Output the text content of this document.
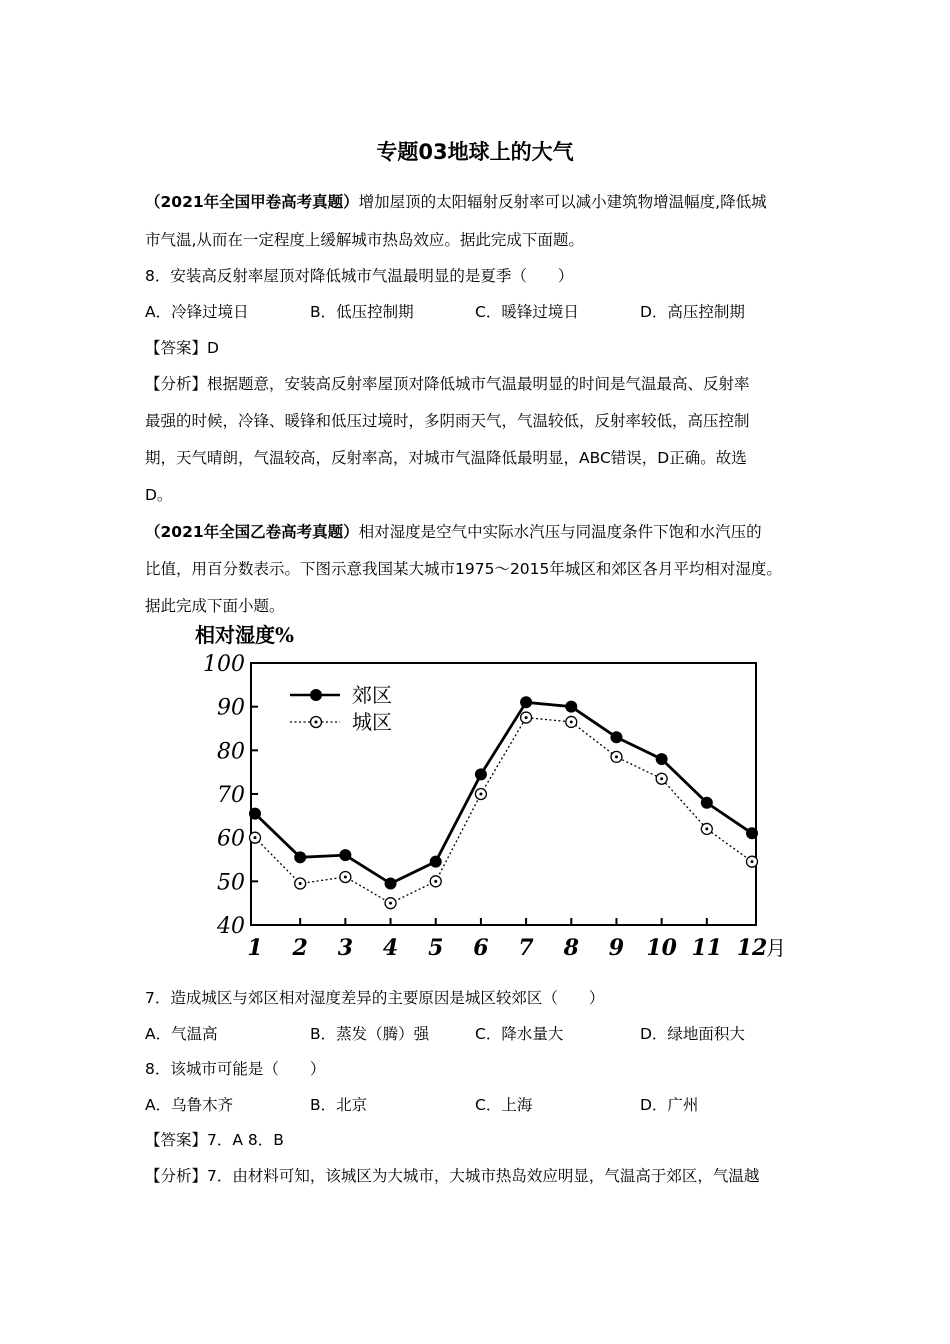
专题03地球上的大气
（2021年全国甲卷高考真题）增加屋顶的太阳辐射反射率可以减小建筑物增温幅度,降低城
市气温,从而在一定程度上缓解城市热岛效应。据此完成下面题。
8．安装高反射率屋顶对降低城市气温最明显的是夏季（　　）
A．冷锋过境日	B．低压控制期	C．暖锋过境日	D．高压控制期
【答案】D
【分析】根据题意，安装高反射率屋顶对降低城市气温最明显的时间是气温最高、反射率
最强的时候，冷锋、暖锋和低压过境时，多阴雨天气，气温较低，反射率较低，高压控制
期，天气晴朗，气温较高，反射率高，对城市气温降低最明显，ABC错误，D正确。故选
D。
（2021年全国乙卷高考真题）相对湿度是空气中实际水汽压与同温度条件下饱和水汽压的
比值，用百分数表示。下图示意我国某大城市1975～2015年城区和郊区各月平均相对湿度。
据此完成下面小题。
相对湿度%
100
90
80
70
60
50
40
1 2 3 4 5 6 7 8 9 10 11 12
月
郊区
城区
7．造成城区与郊区相对湿度差异的主要原因是城区较郊区（　　）
A．气温高	B．蒸发（腾）强	C．降水量大	D．绿地面积大
8．该城市可能是（　　）
A．乌鲁木齐	B．北京	C．上海	D．广州
【答案】7．A 8．B
【分析】7．由材料可知，该城区为大城市，大城市热岛效应明显，气温高于郊区，气温越
